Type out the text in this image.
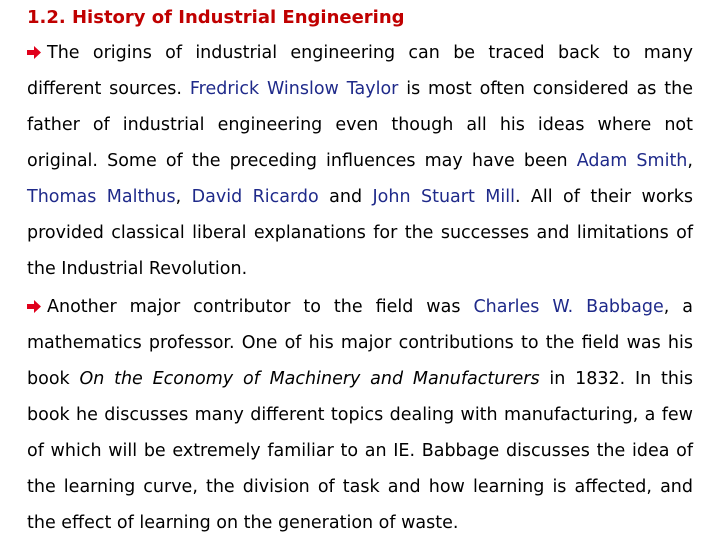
1.2. History of Industrial Engineering

The origins of industrial engineering can be traced back to many different sources. Fredrick Winslow Taylor is most often considered as the father of industrial engineering even though all his ideas where not original. Some of the preceding influences may have been Adam Smith, Thomas Malthus, David Ricardo and John Stuart Mill. All of their works provided classical liberal explanations for the successes and limitations of the Industrial Revolution.

Another major contributor to the field was Charles W. Babbage, a mathematics professor. One of his major contributions to the field was his book On the Economy of Machinery and Manufacturers in 1832. In this book he discusses many different topics dealing with manufacturing, a few of which will be extremely familiar to an IE. Babbage discusses the idea of the learning curve, the division of task and how learning is affected, and the effect of learning on the generation of waste.
